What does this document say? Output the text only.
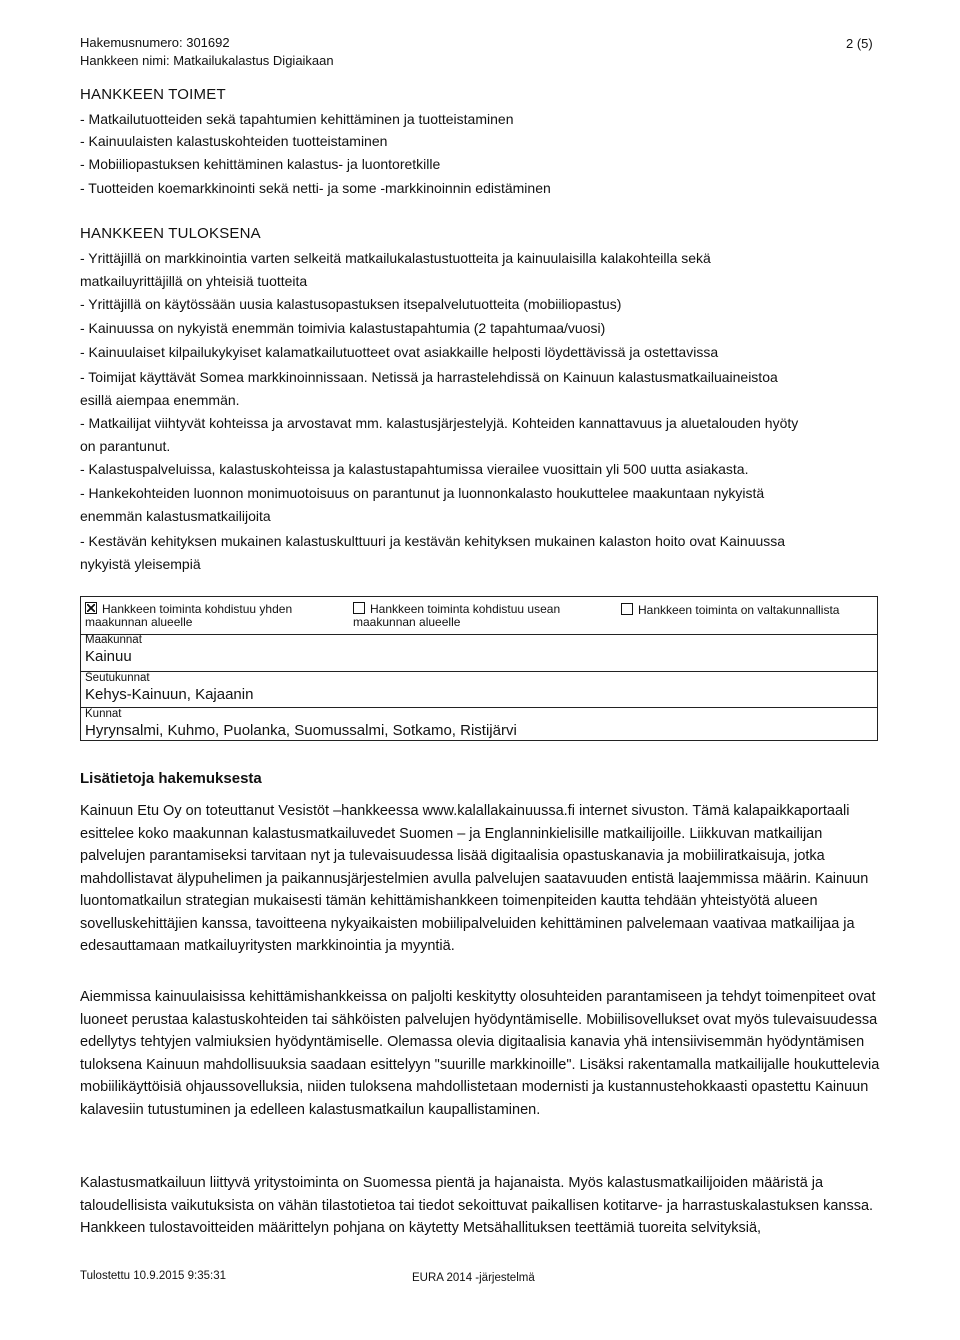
Hakemusnumero: 301692
Hankkeen nimi: Matkailukalastus Digiaikaan
2 (5)
HANKKEEN TOIMET
- Matkailutuotteiden sekä tapahtumien kehittäminen ja tuotteistaminen
- Kainuulaisten kalastuskohteiden tuotteistaminen
- Mobiiliopastuksen kehittäminen kalastus- ja luontoretkille
- Tuotteiden koemarkkinointi sekä netti- ja some -markkinoinnin edistäminen
HANKKEEN TULOKSENA
- Yrittäjillä on markkinointia varten selkeitä matkailukalastustuotteita ja kainuulaisilla kalakohteilla sekä
matkailuyrittäjillä on yhteisiä tuotteita
- Yrittäjillä on käytössään uusia kalastusopastuksen itsepalvelutuotteita (mobiiliopastus)
- Kainuussa on nykyistä enemmän toimivia kalastustapahtumia (2 tapahtumaa/vuosi)
- Kainuulaiset kilpailukykyiset kalamatkailutuotteet ovat asiakkaille helposti löydettävissä ja ostettavissa
- Toimijat käyttävät Somea markkinoinnissaan. Netissä ja harrastelehdissä on Kainuun kalastusmatkailuaineistoa
esillä aiempaa enemmän.
- Matkailijat viihtyvät kohteissa ja arvostavat mm. kalastusjärjestelyjä. Kohteiden kannattavuus ja aluetalouden hyöty
on parantunut.
- Kalastuspalveluissa, kalastuskohteissa ja kalastustapahtumissa vierailee vuosittain yli 500 uutta asiakasta.
- Hankekohteiden luonnon monimuotoisuus on parantunut ja luonnonkalasto houkuttelee maakuntaan nykyistä
enemmän kalastusmatkailijoita
- Kestävän kehityksen mukainen kalastuskulttuuri ja kestävän kehityksen mukainen kalaston hoito ovat Kainuussa
nykyistä yleisempiä
Hankkeen toiminta kohdistuu yhden
maakunnan alueelle
Hankkeen toiminta kohdistuu usean
maakunnan alueelle
Hankkeen toiminta on valtakunnallista
Maakunnat
Kainuu
Seutukunnat
Kehys-Kainuun, Kajaanin
Kunnat
Hyrynsalmi, Kuhmo, Puolanka, Suomussalmi, Sotkamo, Ristijärvi
Lisätietoja hakemuksesta

Kainuun Etu Oy on toteuttanut Vesistöt –hankkeessa www.kalallakainuussa.fi internet sivuston. Tämä kalapaikkaportaali esittelee koko maakunnan kalastusmatkailuvedet Suomen – ja Englanninkielisille matkailijoille. Liikkuvan matkailijan palvelujen parantamiseksi tarvitaan nyt ja tulevaisuudessa lisää digitaalisia opastuskanavia ja mobiiliratkaisuja, jotka mahdollistavat älypuhelimen ja paikannusjärjestelmien avulla palvelujen saatavuuden entistä laajemmissa määrin. Kainuun luontomatkailun strategian mukaisesti tämän kehittämishankkeen toimenpiteiden kautta tehdään yhteistyötä alueen sovelluskehittäjien kanssa, tavoitteena nykyaikaisten mobiilipalveluiden kehittäminen palvelemaan vaativaa matkailijaa ja edesauttamaan matkailuyritysten markkinointia ja myyntiä.

Aiemmissa kainuulaisissa kehittämishankkeissa on paljolti keskitytty olosuhteiden parantamiseen ja tehdyt toimenpiteet ovat luoneet perustaa kalastuskohteiden tai sähköisten palvelujen hyödyntämiselle. Mobiilisovellukset ovat myös tulevaisuudessa edellytys tehtyjen valmiuksien hyödyntämiselle. Olemassa olevia digitaalisia kanavia yhä intensiivisemmän hyödyntämisen tuloksena Kainuun mahdollisuuksia saadaan esittelyyn "suurille markkinoille". Lisäksi rakentamalla matkailijalle houkuttelevia mobiilikäyttöisiä ohjaussovelluksia, niiden tuloksena mahdollistetaan modernisti ja kustannustehokkaasti opastettu Kainuun kalavesiin tutustuminen ja edelleen kalastusmatkailun kaupallistaminen.

Kalastusmatkailuun liittyvä yritystoiminta on Suomessa pientä ja hajanaista. Myös kalastusmatkailijoiden määristä ja taloudellisista vaikutuksista on vähän tilastotietoa tai tiedot sekoittuvat paikallisen kotitarve- ja harrastuskalastuksen kanssa. Hankkeen tulostavoitteiden määrittelyn pohjana on käytetty Metsähallituksen teettämiä tuoreita selvityksiä,

Tulostettu 10.9.2015 9:35:31	EURA 2014 -järjestelmä
